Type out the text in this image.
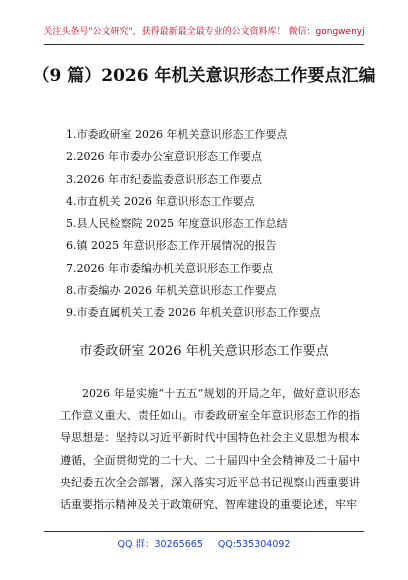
关注头条号"公文研究"，获得最新最全最专业的公文资料库！ 微信：gongwenyj
（9 篇）2026 年机关意识形态工作要点汇编
1.市委政研室 2026 年机关意识形态工作要点
2.2026 年市委办公室意识形态工作要点
3.2026 年市纪委监委意识形态工作要点
4.市直机关 2026 年意识形态工作要点
5.县人民检察院 2025 年度意识形态工作总结
6.镇 2025 年意识形态工作开展情况的报告
7.2026 年市委编办机关意识形态工作要点
8.市委编办 2026 年机关意识形态工作要点
9.市委直属机关工委 2026 年机关意识形态工作要点
市委政研室 2026 年机关意识形态工作要点

2026 年是实施“十五五”规划的开局之年，做好意识形态工作意义重大、责任如山。市委政研室全年意识形态工作的指导思想是：坚持以习近平新时代中国特色社会主义思想为根本遵循，全面贯彻党的二十大、二十届四中全会精神及二十届中央纪委五次全会部署，深入落实习近平总书记视察山西重要讲话重要指示精神及关于政策研究、智库建设的重要论述，牢牢

QQ 群：30265665 QQ:535304092
